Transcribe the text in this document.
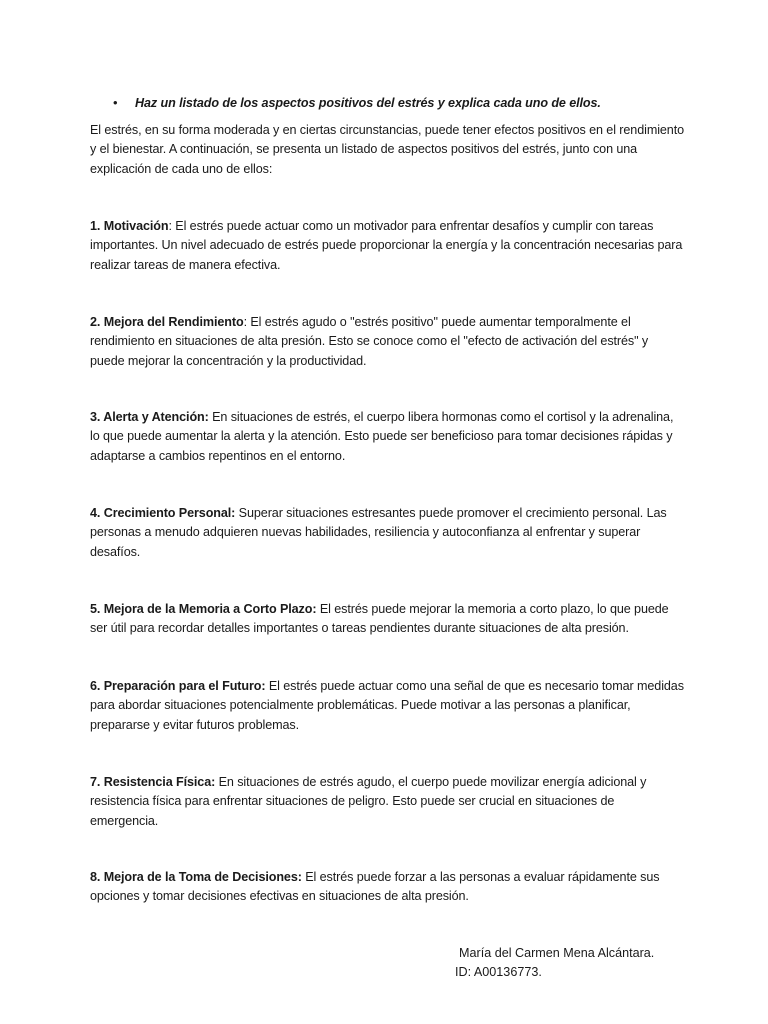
•	Haz un listado de los aspectos positivos del estrés y explica cada uno de ellos.

El estrés, en su forma moderada y en ciertas circunstancias, puede tener efectos positivos en el rendimiento y el bienestar. A continuación, se presenta un listado de aspectos positivos del estrés, junto con una explicación de cada uno de ellos:

1. Motivación: El estrés puede actuar como un motivador para enfrentar desafíos y cumplir con tareas importantes. Un nivel adecuado de estrés puede proporcionar la energía y la concentración necesarias para realizar tareas de manera efectiva.

2. Mejora del Rendimiento: El estrés agudo o "estrés positivo" puede aumentar temporalmente el rendimiento en situaciones de alta presión. Esto se conoce como el "efecto de activación del estrés" y puede mejorar la concentración y la productividad.

3. Alerta y Atención: En situaciones de estrés, el cuerpo libera hormonas como el cortisol y la adrenalina, lo que puede aumentar la alerta y la atención. Esto puede ser beneficioso para tomar decisiones rápidas y adaptarse a cambios repentinos en el entorno.

4. Crecimiento Personal: Superar situaciones estresantes puede promover el crecimiento personal. Las personas a menudo adquieren nuevas habilidades, resiliencia y autoconfianza al enfrentar y superar desafíos.

5. Mejora de la Memoria a Corto Plazo: El estrés puede mejorar la memoria a corto plazo, lo que puede ser útil para recordar detalles importantes o tareas pendientes durante situaciones de alta presión.

6. Preparación para el Futuro: El estrés puede actuar como una señal de que es necesario tomar medidas para abordar situaciones potencialmente problemáticas. Puede motivar a las personas a planificar, prepararse y evitar futuros problemas.

7. Resistencia Física: En situaciones de estrés agudo, el cuerpo puede movilizar energía adicional y resistencia física para enfrentar situaciones de peligro. Esto puede ser crucial en situaciones de emergencia.

8. Mejora de la Toma de Decisiones: El estrés puede forzar a las personas a evaluar rápidamente sus opciones y tomar decisiones efectivas en situaciones de alta presión.

María del Carmen Mena Alcántara.
ID: A00136773.
